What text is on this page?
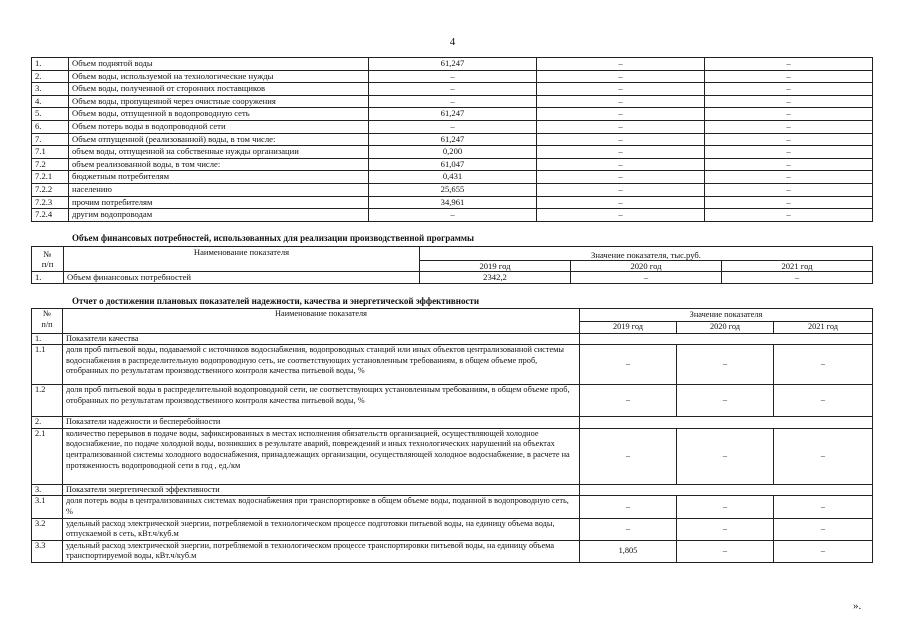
4
1.	Объем поднятой воды	61,247	–	–
2.	Объем воды, используемой на технологические нужды	–	–	–
3.	Объем воды, полученной от сторонних поставщиков	–	–	–
4.	Объем воды, пропущенной через очистные сооружения	–	–	–
5.	Объем воды, отпущенной в водопроводную сеть	61,247	–	–
6.	Объем потерь воды в водопроводной сети	–	–	–
7.	Объем отпущенной (реализованной) воды, в том числе:	61,247	–	–
7.1	объем воды, отпущенной на собственные нужды организации	0,200	–	–
7.2	объем реализованной воды, в том числе:	61,047	–	–
7.2.1	бюджетным потребителям	0,431	–	–
7.2.2	населению	25,655	–	–
7.2.3	прочим потребителям	34,961	–	–
7.2.4	другим водопроводам	–	–	–
Объем финансовых потребностей, использованных для реализации производственной программы
№
п/п	Наименование показателя	Значение показателя, тыс.руб.		
		2019 год	2020 год	2021 год
1.	Объем финансовых потребностей	2342,2	–	–
Отчет о достижении плановых показателей надежности, качества и энергетической эффективности
№
п/п	Наименование показателя	Значение показателя		
		2019 год	2020 год	2021 год
1.	Показатели качества			
1.1	доля проб питьевой воды, подаваемой с источников водоснабжения, водопроводных станций или иных объектов централизованной системы водоснабжения в распределительную водопроводную сеть, не соответствующих установленным требованиям, в общем объеме проб, отобранных по результатам производственного контроля качества питьевой воды, %	–	–	–
1.2	доля проб питьевой воды в распределительной водопроводной сети, не соответствующих установленным требованиям, в общем объеме проб, отобранных по результатам производственного контроля качества питьевой воды, %	–	–	–
2.	Показатели надежности и бесперебойности			
2.1	количество перерывов в подаче воды, зафиксированных в местах исполнения обязательств организацией, осуществляющей холодное водоснабжение, по подаче холодной воды, возникших в результате аварий, повреждений и иных технологических нарушений на объектах централизованной системы холодного водоснабжения, принадлежащих организации, осуществляющей холодное водоснабжение, в расчете на протяженность водопроводной сети в год , ед./км	–	–	–
3.	Показатели энергетической эффективности			
3.1	доля потерь воды в централизованных системах водоснабжения при транспортировке в общем объеме воды, поданной в водопроводную сеть, %	–	–	–
3.2	удельный расход электрической энергии, потребляемой в технологическом процессе подготовки питьевой воды, на единицу объема воды, отпускаемой в сеть, кВт.ч/куб.м	–	–	–
3.3	удельный расход электрической энергии, потребляемой в технологическом процессе транспортировки питьевой воды, на единицу объема транспортируемой воды, кВт.ч/куб.м	1,805	–	–
».
